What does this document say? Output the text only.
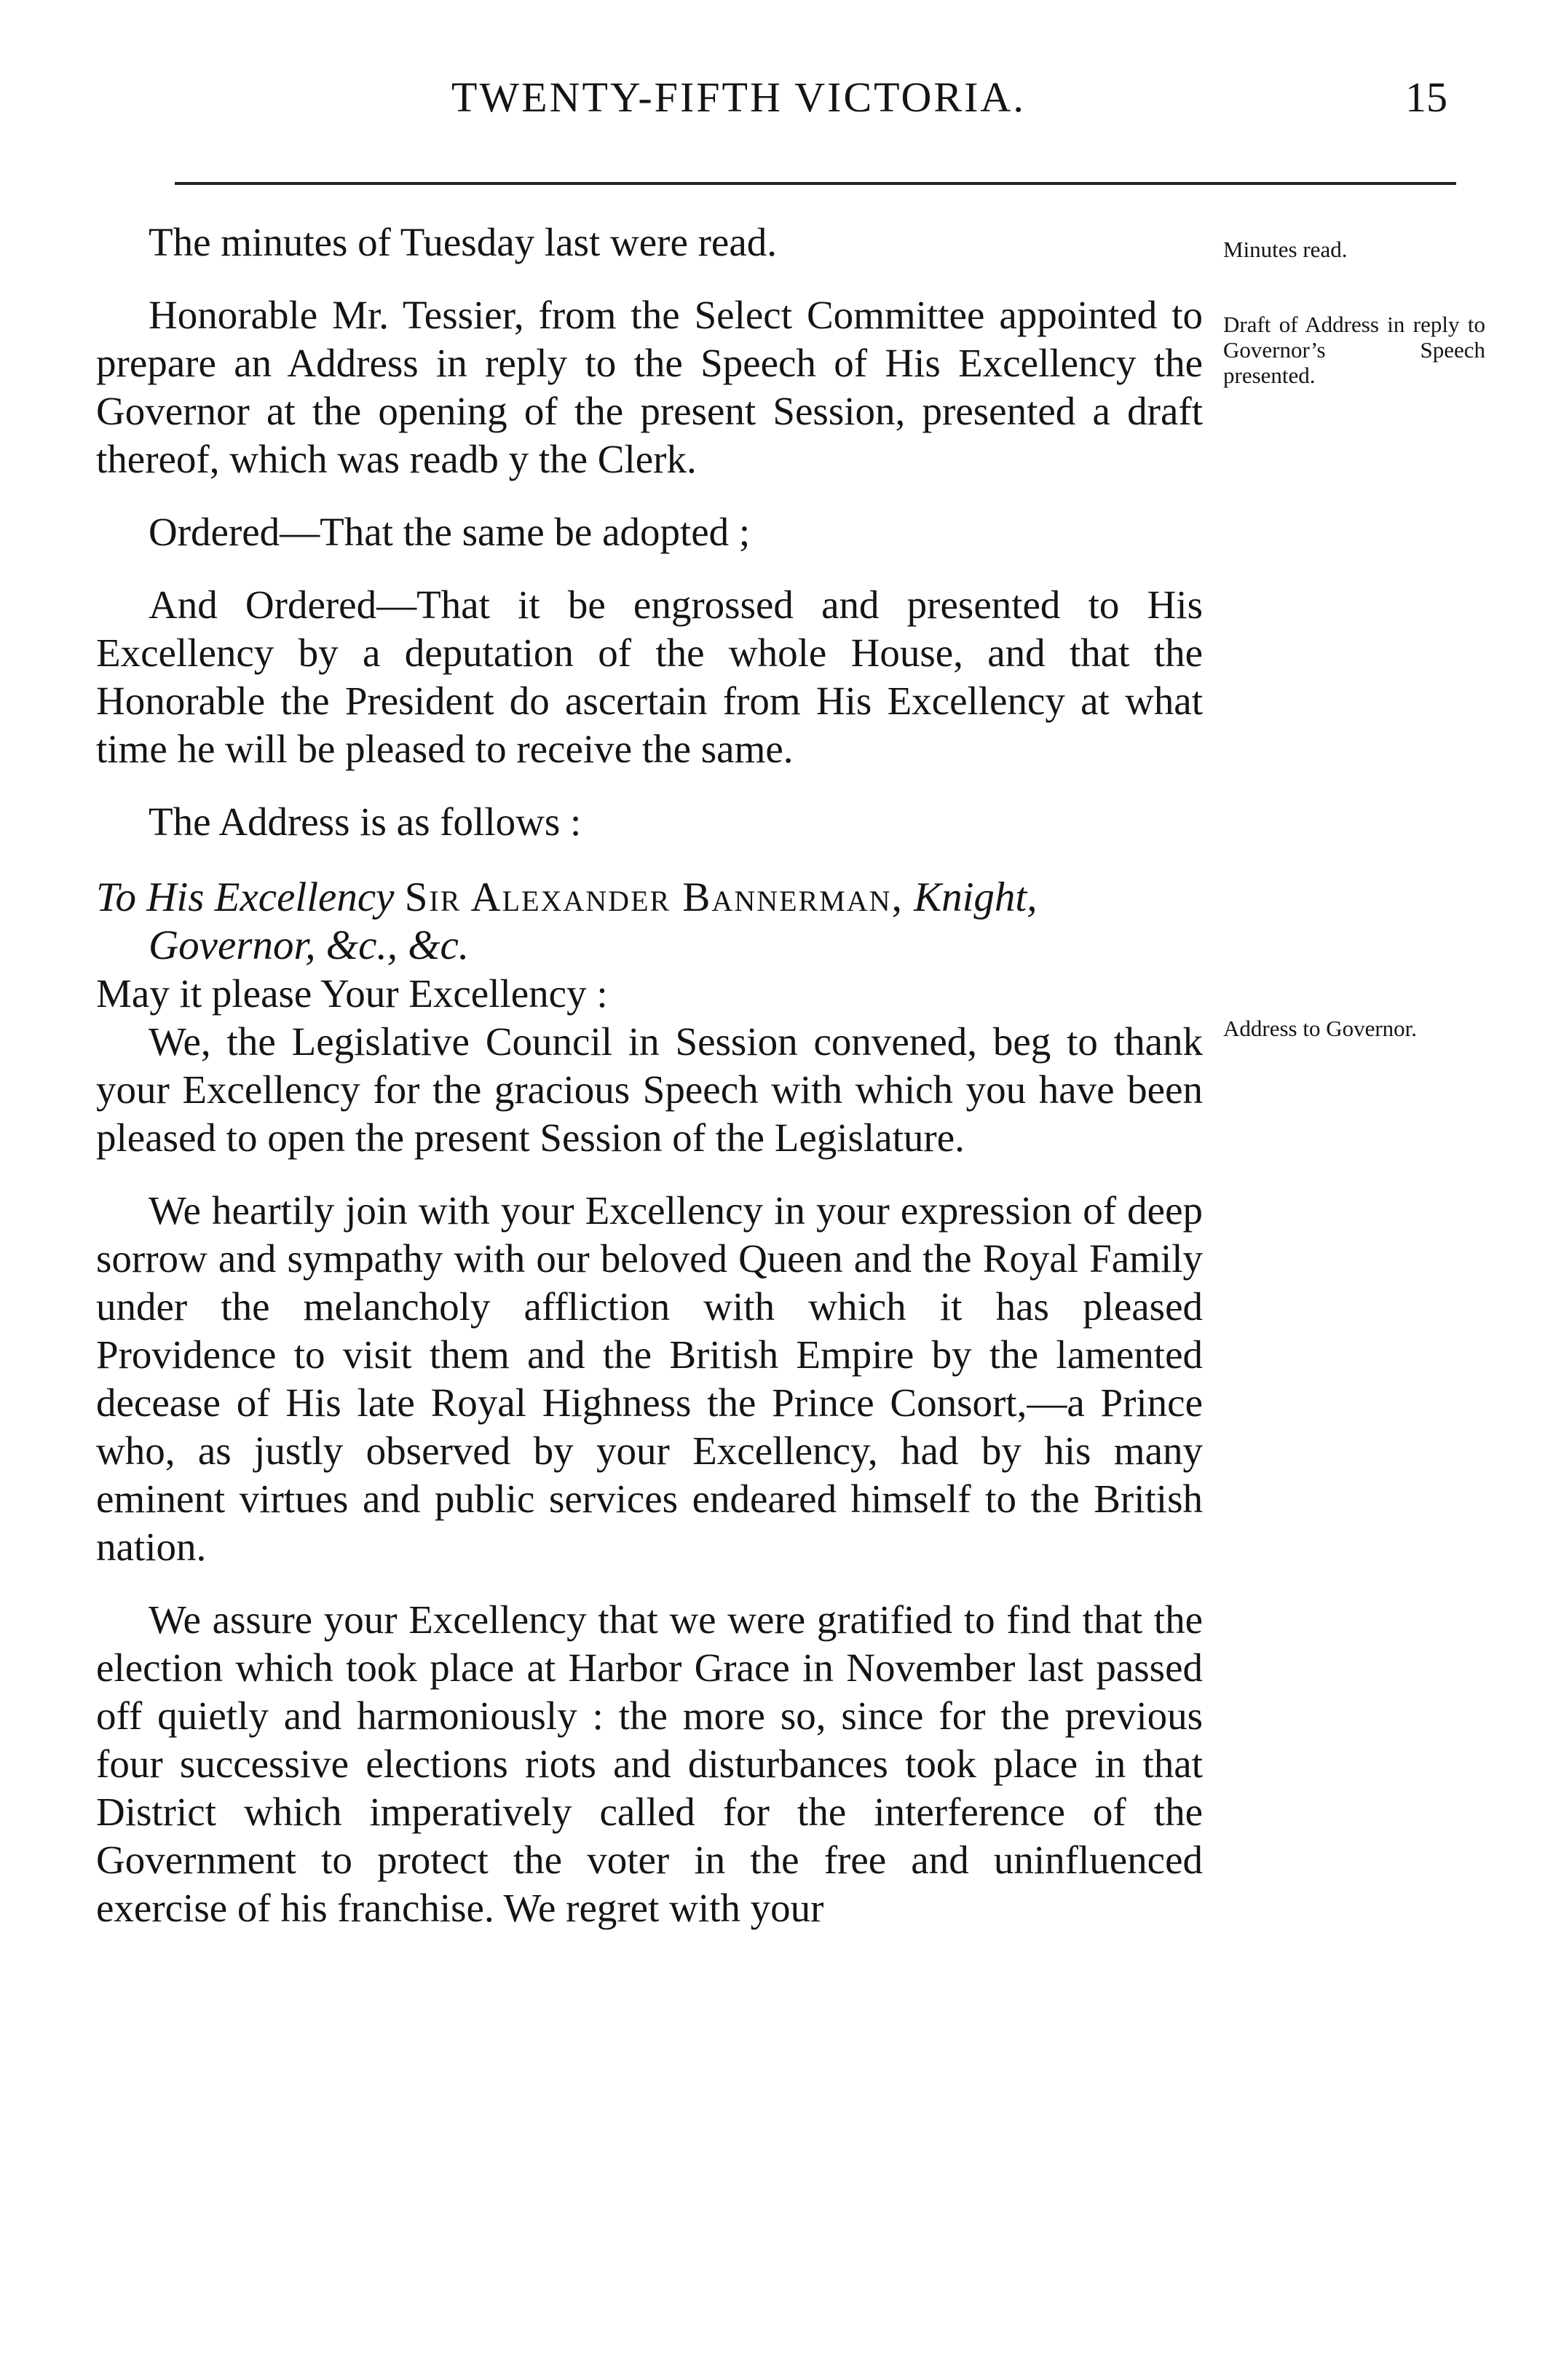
TWENTY-FIFTH VICTORIA.	15

The minutes of Tuesday last were read.

Honorable Mr. Tessier, from the Select Committee appointed to prepare an Address in reply to the Speech of His Excellency the Governor at the opening of the present Session, presented a draft thereof, which was readb y the Clerk.

Ordered—That the same be adopted ;

And Ordered—That it be engrossed and presented to His Excellency by a deputation of the whole House, and that the Honorable the President do ascertain from His Excellency at what time he will be pleased to receive the same.

The Address is as follows :

To His Excellency Sir Alexander Bannerman, Knight, Governor, &c., &c.

May it please Your Excellency :

We, the Legislative Council in Session convened, beg to thank your Excellency for the gracious Speech with which you have been pleased to open the present Session of the Legislature.

We heartily join with your Excellency in your expression of deep sorrow and sympathy with our beloved Queen and the Royal Family under the melancholy affliction with which it has pleased Providence to visit them and the British Empire by the lamented decease of His late Royal Highness the Prince Consort,—a Prince who, as justly observed by your Excellency, had by his many eminent virtues and public services endeared himself to the British nation.

We assure your Excellency that we were gratified to find that the election which took place at Harbor Grace in November last passed off quietly and harmoniously : the more so, since for the previous four successive elections riots and disturbances took place in that District which imperatively called for the interference of the Government to protect the voter in the free and uninfluenced exercise of his franchise. We regret with your

Minutes read.
Draft of Address in reply to Governor’s Speech presented.
Address to Governor.
